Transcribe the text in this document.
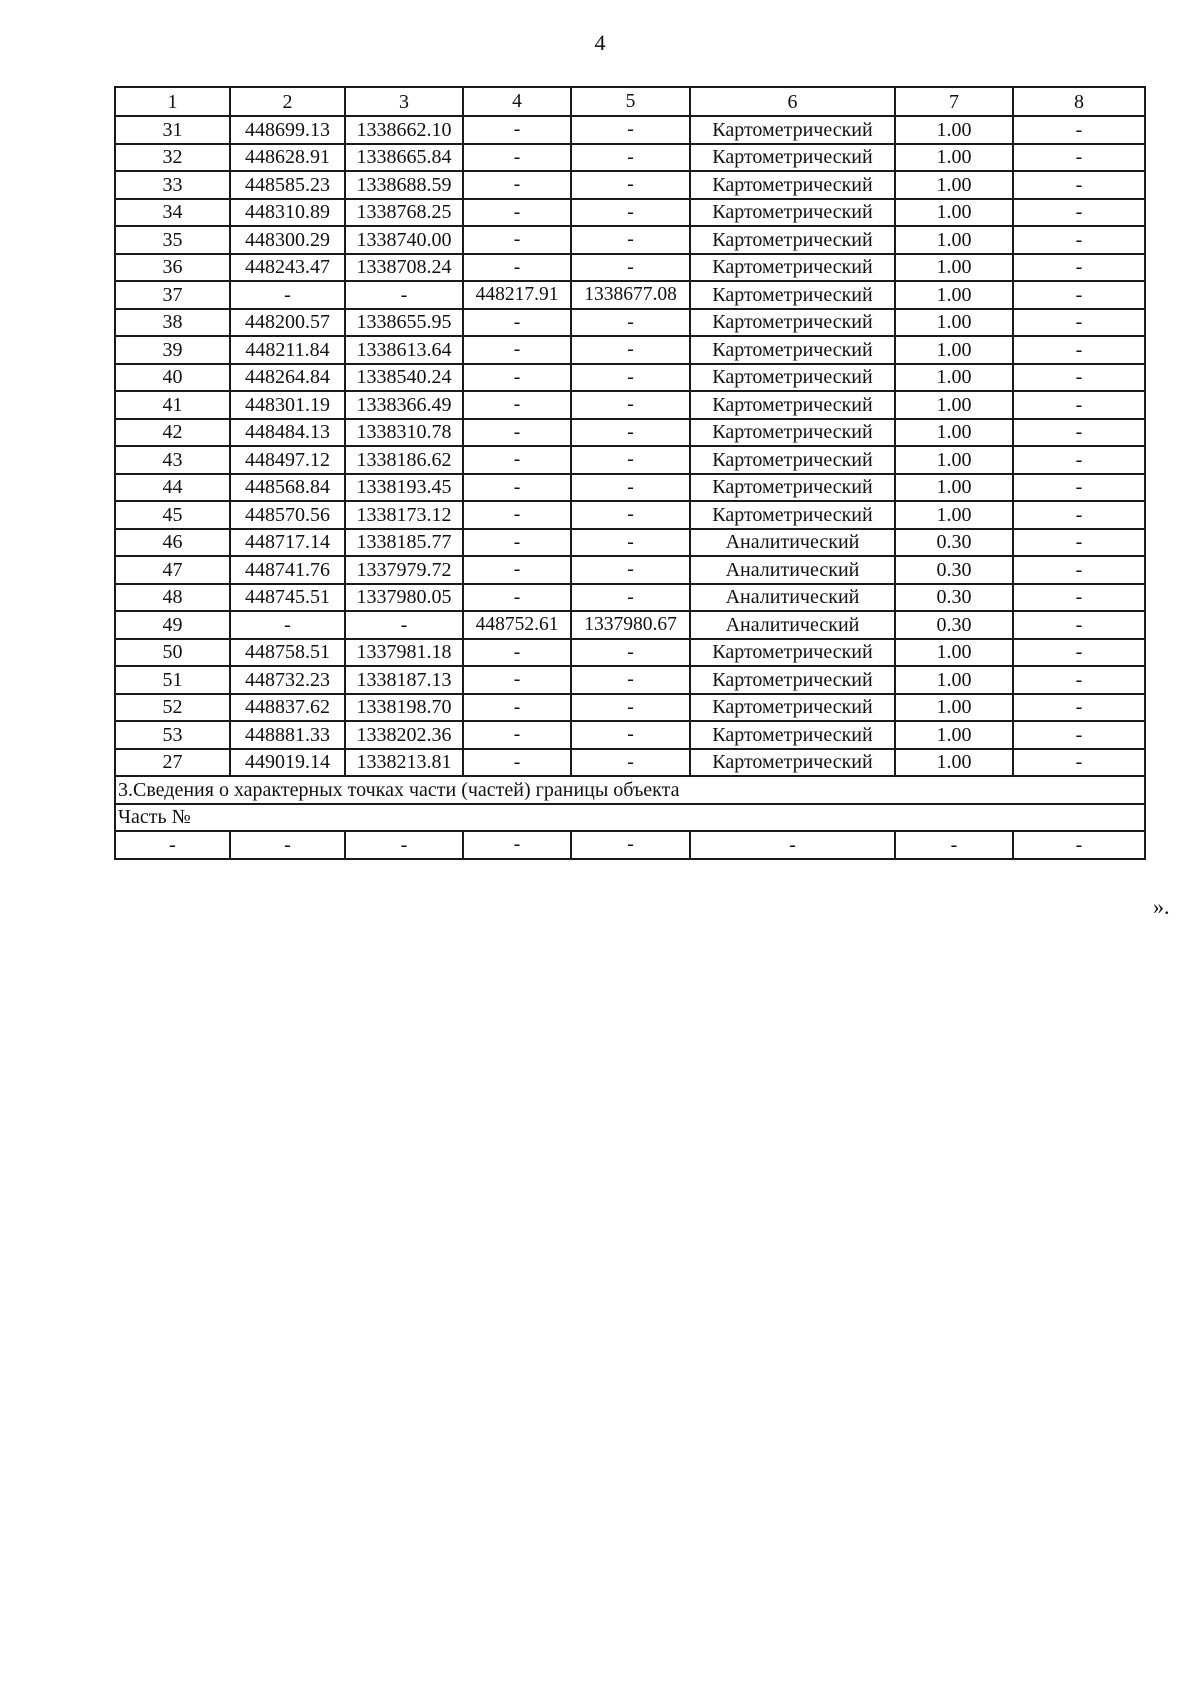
4
1	2	3	4	5	6	7	8
31	448699.13	1338662.10	-	-	Картометрический	1.00	-
32	448628.91	1338665.84	-	-	Картометрический	1.00	-
33	448585.23	1338688.59	-	-	Картометрический	1.00	-
34	448310.89	1338768.25	-	-	Картометрический	1.00	-
35	448300.29	1338740.00	-	-	Картометрический	1.00	-
36	448243.47	1338708.24	-	-	Картометрический	1.00	-
37	-	-	448217.91	1338677.08	Картометрический	1.00	-
38	448200.57	1338655.95	-	-	Картометрический	1.00	-
39	448211.84	1338613.64	-	-	Картометрический	1.00	-
40	448264.84	1338540.24	-	-	Картометрический	1.00	-
41	448301.19	1338366.49	-	-	Картометрический	1.00	-
42	448484.13	1338310.78	-	-	Картометрический	1.00	-
43	448497.12	1338186.62	-	-	Картометрический	1.00	-
44	448568.84	1338193.45	-	-	Картометрический	1.00	-
45	448570.56	1338173.12	-	-	Картометрический	1.00	-
46	448717.14	1338185.77	-	-	Аналитический	0.30	-
47	448741.76	1337979.72	-	-	Аналитический	0.30	-
48	448745.51	1337980.05	-	-	Аналитический	0.30	-
49	-	-	448752.61	1337980.67	Аналитический	0.30	-
50	448758.51	1337981.18	-	-	Картометрический	1.00	-
51	448732.23	1338187.13	-	-	Картометрический	1.00	-
52	448837.62	1338198.70	-	-	Картометрический	1.00	-
53	448881.33	1338202.36	-	-	Картометрический	1.00	-
27	449019.14	1338213.81	-	-	Картометрический	1.00	-
3.Сведения о характерных точках части (частей) границы объекта							
Часть №							
-	-	-	-	-	-	-	-
».
